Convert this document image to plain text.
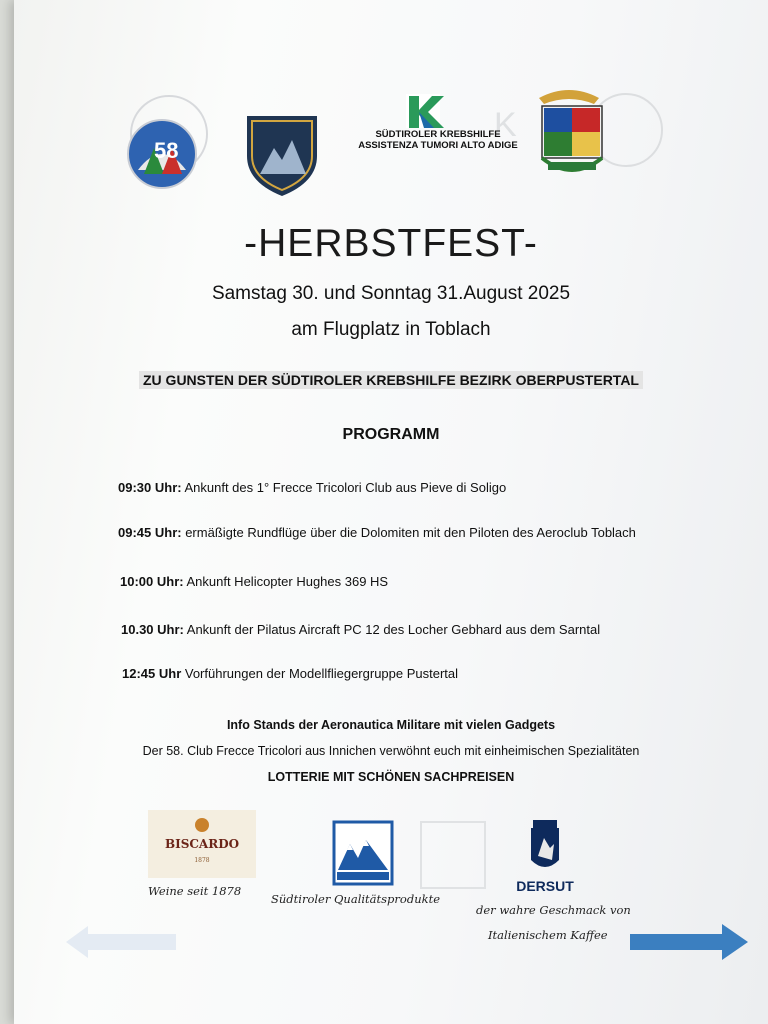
58
K
SÜDTIROLER KREBSHILFE
ASSISTENZA TUMORI ALTO ADIGE
-HERBSTFEST-
Samstag 30. und Sonntag 31.August 2025
am Flugplatz in Toblach
ZU GUNSTEN DER SÜDTIROLER KREBSHILFE BEZIRK OBERPUSTERTAL
PROGRAMM
09:30 Uhr: Ankunft des 1° Frecce Tricolori Club aus Pieve di Soligo
09:45 Uhr: ermäßigte Rundflüge über die Dolomiten mit den Piloten des Aeroclub Toblach
10:00 Uhr: Ankunft Helicopter Hughes 369 HS
10.30 Uhr: Ankunft der Pilatus Aircraft PC 12 des Locher Gebhard aus dem Sarntal
12:45 Uhr Vorführungen der Modellfliegergruppe Pustertal
Info Stands der Aeronautica Militare mit vielen Gadgets
Der 58. Club Frecce Tricolori aus Innichen verwöhnt euch mit einheimischen Spezialitäten
LOTTERIE MIT SCHÖNEN SACHPREISEN
BISCARDO
1878
DERSUT
Weine seit 1878
Südtiroler Qualitätsprodukte
der wahre Geschmack von
Italienischem Kaffee
